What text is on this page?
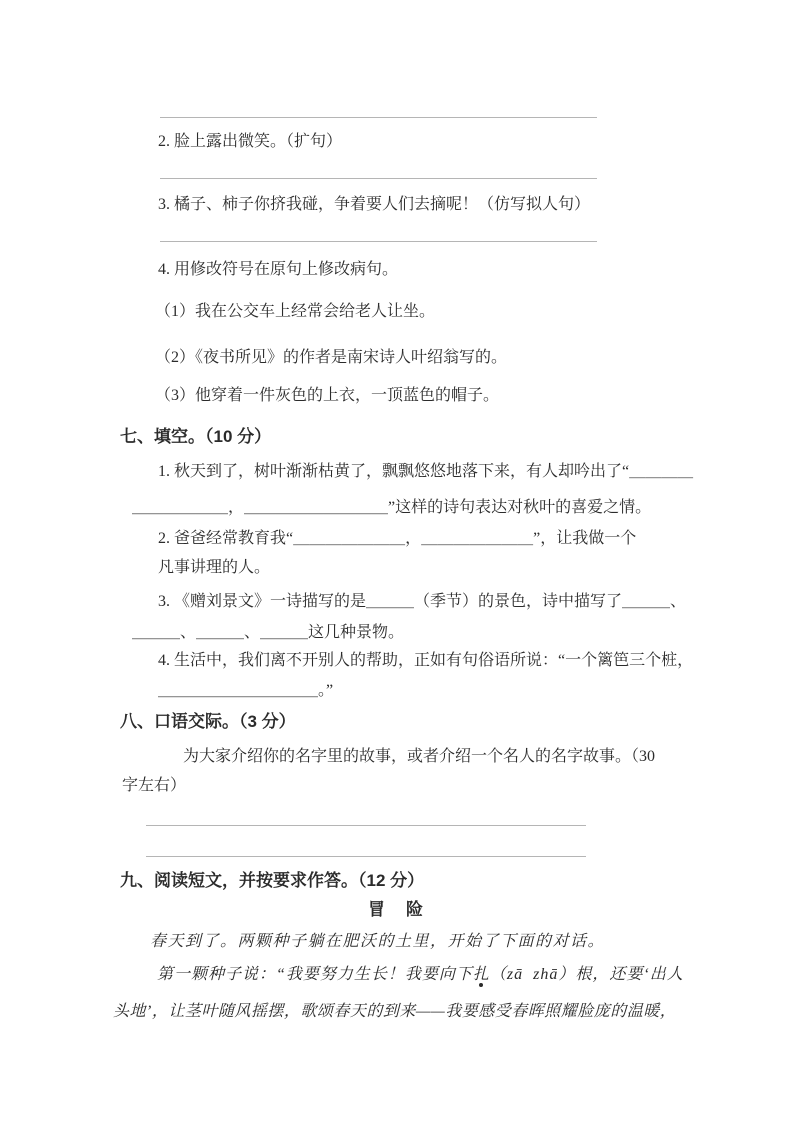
2. 脸上露出微笑。（扩句）
3. 橘子、柿子你挤我碰，争着要人们去摘呢！（仿写拟人句）
4. 用修改符号在原句上修改病句。
（1）我在公交车上经常会给老人让坐。
（2）《夜书所见》的作者是南宋诗人叶绍翁写的。
（3）他穿着一件灰色的上衣，一顶蓝色的帽子。
七、填空。（10 分）
1. 秋天到了，树叶渐渐枯黄了，飘飘悠悠地落下来，有人却吟出了“＿＿＿＿
＿＿＿＿＿＿，＿＿＿＿＿＿＿＿＿”这样的诗句表达对秋叶的喜爱之情。
2. 爸爸经常教育我“＿＿＿＿＿＿＿，＿＿＿＿＿＿＿”，让我做一个
凡事讲理的人。
3. 《赠刘景文》一诗描写的是＿＿＿（季节）的景色，诗中描写了＿＿＿、
＿＿＿、＿＿＿、＿＿＿这几种景物。
4. 生活中，我们离不开别人的帮助，正如有句俗语所说：“一个篱笆三个桩，
＿＿＿＿＿＿＿＿＿＿。”
八、口语交际。（3 分）
为大家介绍你的名字里的故事，或者介绍一个名人的名字故事。（30
字左右）
九、阅读短文，并按要求作答。（12 分）
冒　险
春天到了。两颗种子躺在肥沃的土里，开始了下面的对话。
第一颗种子说：“我要努力生长！我要向下扎（zā  zhā）根，还要‘出人
头地’，让茎叶随风摇摆，歌颂春天的到来——我要感受春晖照耀脸庞的温暖，
